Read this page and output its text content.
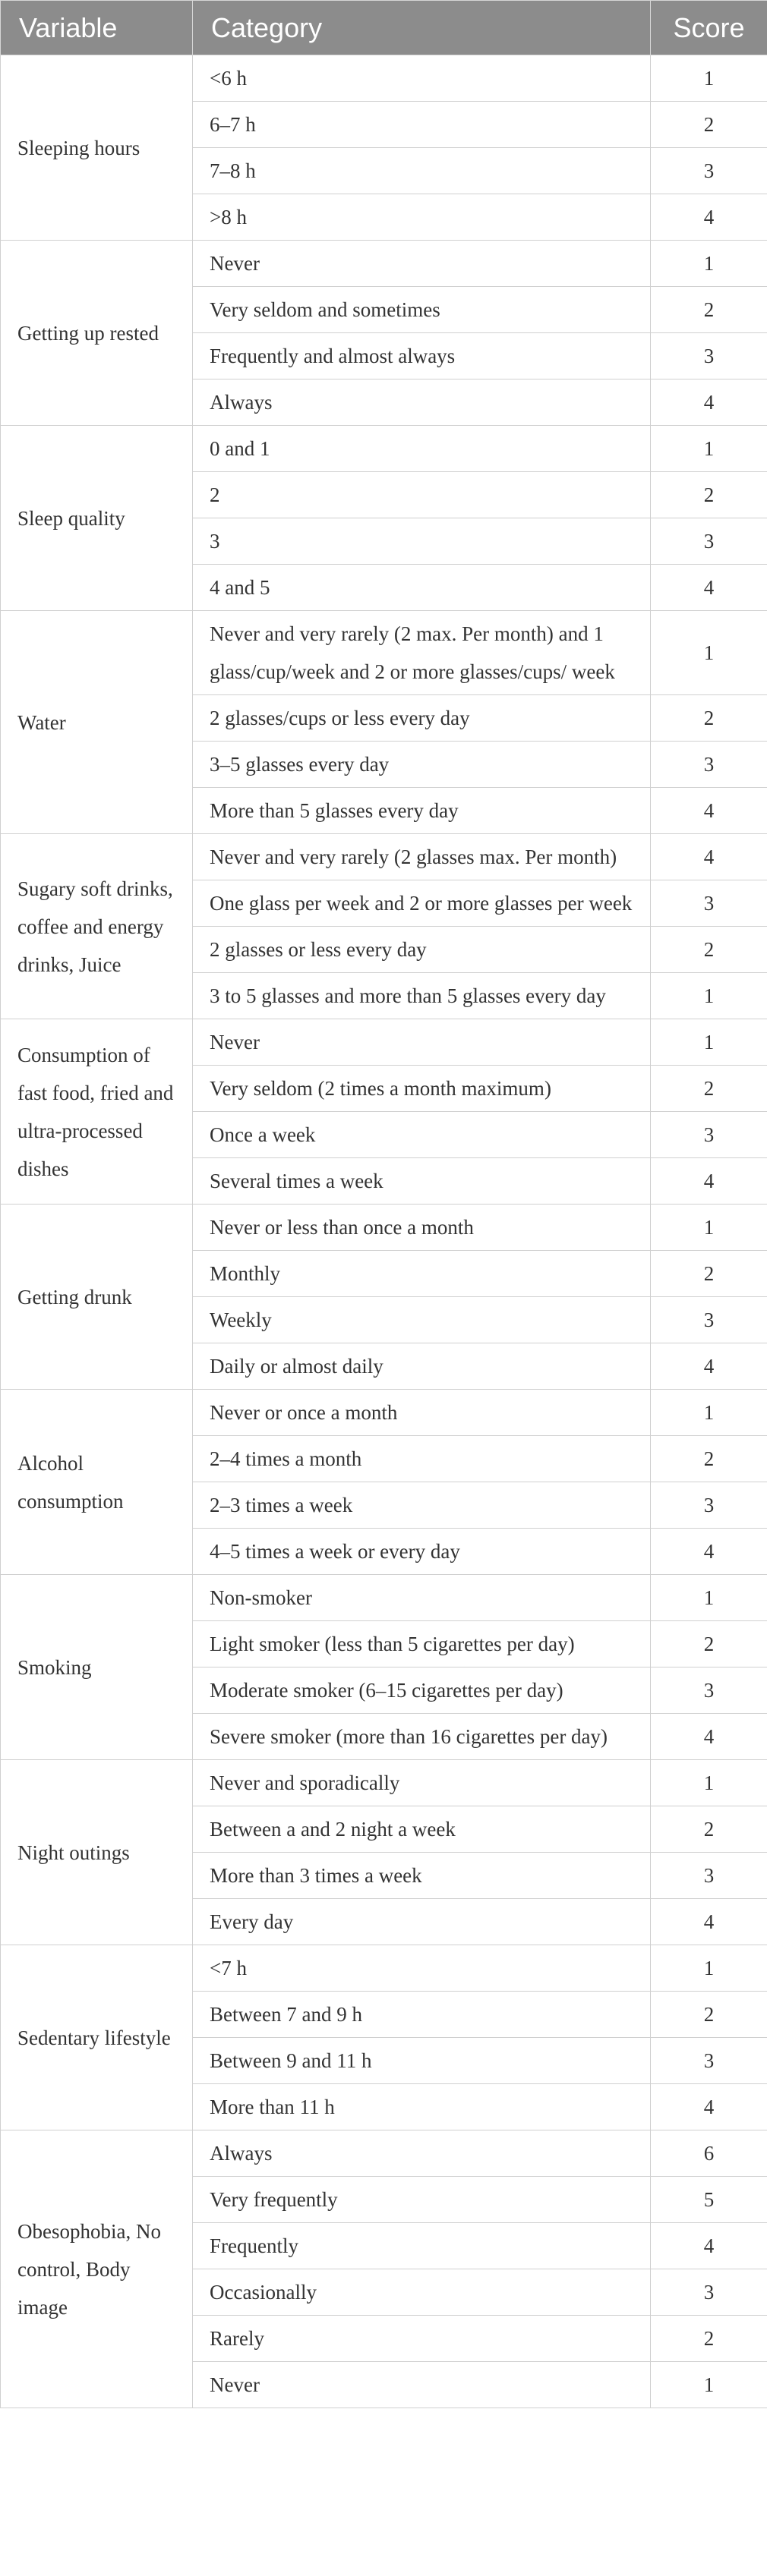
Variable	Category	Score
Sleeping hours	<6 h	1
	6–7 h	2
	7–8 h	3
	>8 h	4
Getting up rested	Never	1
	Very seldom and sometimes	2
	Frequently and almost always	3
	Always	4
Sleep quality	0 and 1	1
	2	2
	3	3
	4 and 5	4
Water	Never and very rarely (2 max. Per month) and 1 glass/cup/week and 2 or more glasses/cups/ week	1
	2 glasses/cups or less every day	2
	3–5 glasses every day	3
	More than 5 glasses every day	4
Sugary soft drinks, coffee and energy drinks, Juice	Never and very rarely (2 glasses max. Per month)	4
	One glass per week and 2 or more glasses per week	3
	2 glasses or less every day	2
	3 to 5 glasses and more than 5 glasses every day	1
Consumption of fast food, fried and ultra-processed dishes	Never	1
	Very seldom (2 times a month maximum)	2
	Once a week	3
	Several times a week	4
Getting drunk	Never or less than once a month	1
	Monthly	2
	Weekly	3
	Daily or almost daily	4
Alcohol consumption	Never or once a month	1
	2–4 times a month	2
	2–3 times a week	3
	4–5 times a week or every day	4
Smoking	Non-smoker	1
	Light smoker (less than 5 cigarettes per day)	2
	Moderate smoker (6–15 cigarettes per day)	3
	Severe smoker (more than 16 cigarettes per day)	4
Night outings	Never and sporadically	1
	Between a and 2 night a week	2
	More than 3 times a week	3
	Every day	4
Sedentary lifestyle	<7 h	1
	Between 7 and 9 h	2
	Between 9 and 11 h	3
	More than 11 h	4
Obesophobia, No control, Body image	Always	6
	Very frequently	5
	Frequently	4
	Occasionally	3
	Rarely	2
	Never	1
